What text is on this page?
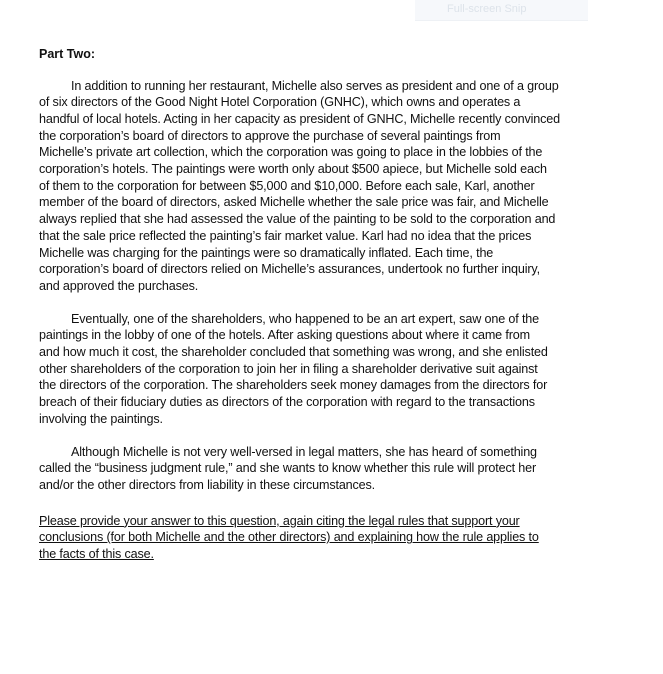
Full-screen Snip
Part Two:
In addition to running her restaurant, Michelle also serves as president and one of a group
of six directors of the Good Night Hotel Corporation (GNHC), which owns and operates a
handful of local hotels. Acting in her capacity as president of GNHC, Michelle recently convinced
the corporation’s board of directors to approve the purchase of several paintings from
Michelle’s private art collection, which the corporation was going to place in the lobbies of the
corporation’s hotels. The paintings were worth only about $500 apiece, but Michelle sold each
of them to the corporation for between $5,000 and $10,000. Before each sale, Karl, another
member of the board of directors, asked Michelle whether the sale price was fair, and Michelle
always replied that she had assessed the value of the painting to be sold to the corporation and
that the sale price reflected the painting’s fair market value. Karl had no idea that the prices
Michelle was charging for the paintings were so dramatically inflated. Each time, the
corporation’s board of directors relied on Michelle’s assurances, undertook no further inquiry,
and approved the purchases.
Eventually, one of the shareholders, who happened to be an art expert, saw one of the
paintings in the lobby of one of the hotels. After asking questions about where it came from
and how much it cost, the shareholder concluded that something was wrong, and she enlisted
other shareholders of the corporation to join her in filing a shareholder derivative suit against
the directors of the corporation. The shareholders seek money damages from the directors for
breach of their fiduciary duties as directors of the corporation with regard to the transactions
involving the paintings.
Although Michelle is not very well-versed in legal matters, she has heard of something
called the “business judgment rule,” and she wants to know whether this rule will protect her
and/or the other directors from liability in these circumstances.
Please provide your answer to this question, again citing the legal rules that support your
conclusions (for both Michelle and the other directors) and explaining how the rule applies to
the facts of this case.
